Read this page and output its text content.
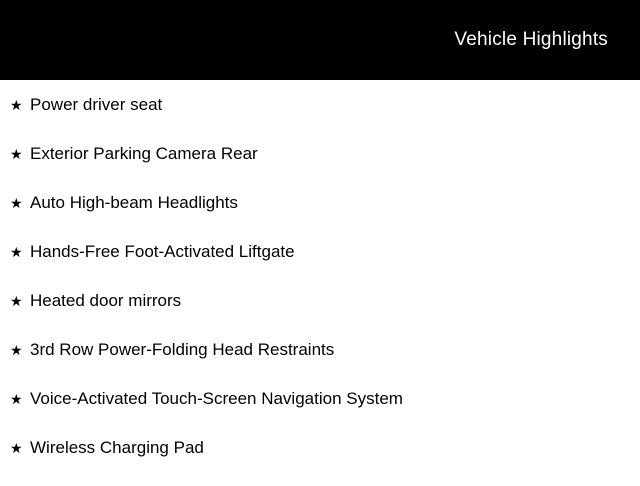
Vehicle Highlights
★ Power driver seat
★ Exterior Parking Camera Rear
★ Auto High-beam Headlights
★ Hands-Free Foot-Activated Liftgate
★ Heated door mirrors
★ 3rd Row Power-Folding Head Restraints
★ Voice-Activated Touch-Screen Navigation System
★ Wireless Charging Pad
